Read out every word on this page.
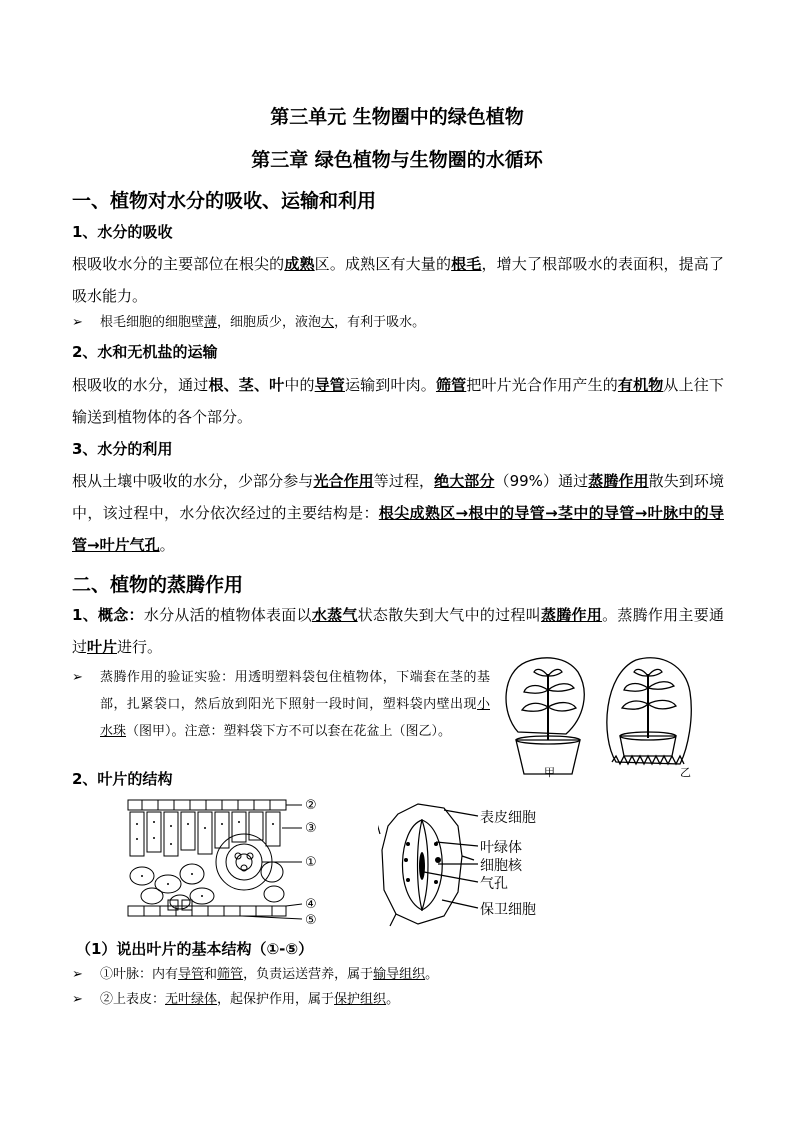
第三单元 生物圈中的绿色植物
第三章 绿色植物与生物圈的水循环
一、植物对水分的吸收、运输和利用
1、水分的吸收
根吸收水分的主要部位在根尖的成熟区。成熟区有大量的根毛，增大了根部吸水的表面积，提高了吸水能力。
➢ 根毛细胞的细胞壁薄，细胞质少，液泡大，有利于吸水。
2、水和无机盐的运输
根吸收的水分，通过根、茎、叶中的导管运输到叶肉。筛管把叶片光合作用产生的有机物从上往下输送到植物体的各个部分。
3、水分的利用
根从土壤中吸收的水分，少部分参与光合作用等过程，绝大部分（99%）通过蒸腾作用散失到环境中，该过程中，水分依次经过的主要结构是：根尖成熟区→根中的导管→茎中的导管→叶脉中的导管→叶片气孔。
二、植物的蒸腾作用
1、概念：水分从活的植物体表面以水蒸气状态散失到大气中的过程叫蒸腾作用。蒸腾作用主要通过叶片进行。
➢ 蒸腾作用的验证实验：用透明塑料袋包住植物体，下端套在茎的基部，扎紧袋口，然后放到阳光下照射一段时间，塑料袋内壁出现小水珠（图甲）。注意：塑料袋下方不可以套在花盆上（图乙）。
甲	乙
2、叶片的结构
②
③
①
④
⑤
表皮细胞
叶绿体
细胞核
气孔
保卫细胞
（1）说出叶片的基本结构（①-⑤）
➢ ①叶脉：内有导管和筛管，负责运送营养，属于输导组织。
➢ ②上表皮：无叶绿体，起保护作用，属于保护组织。
